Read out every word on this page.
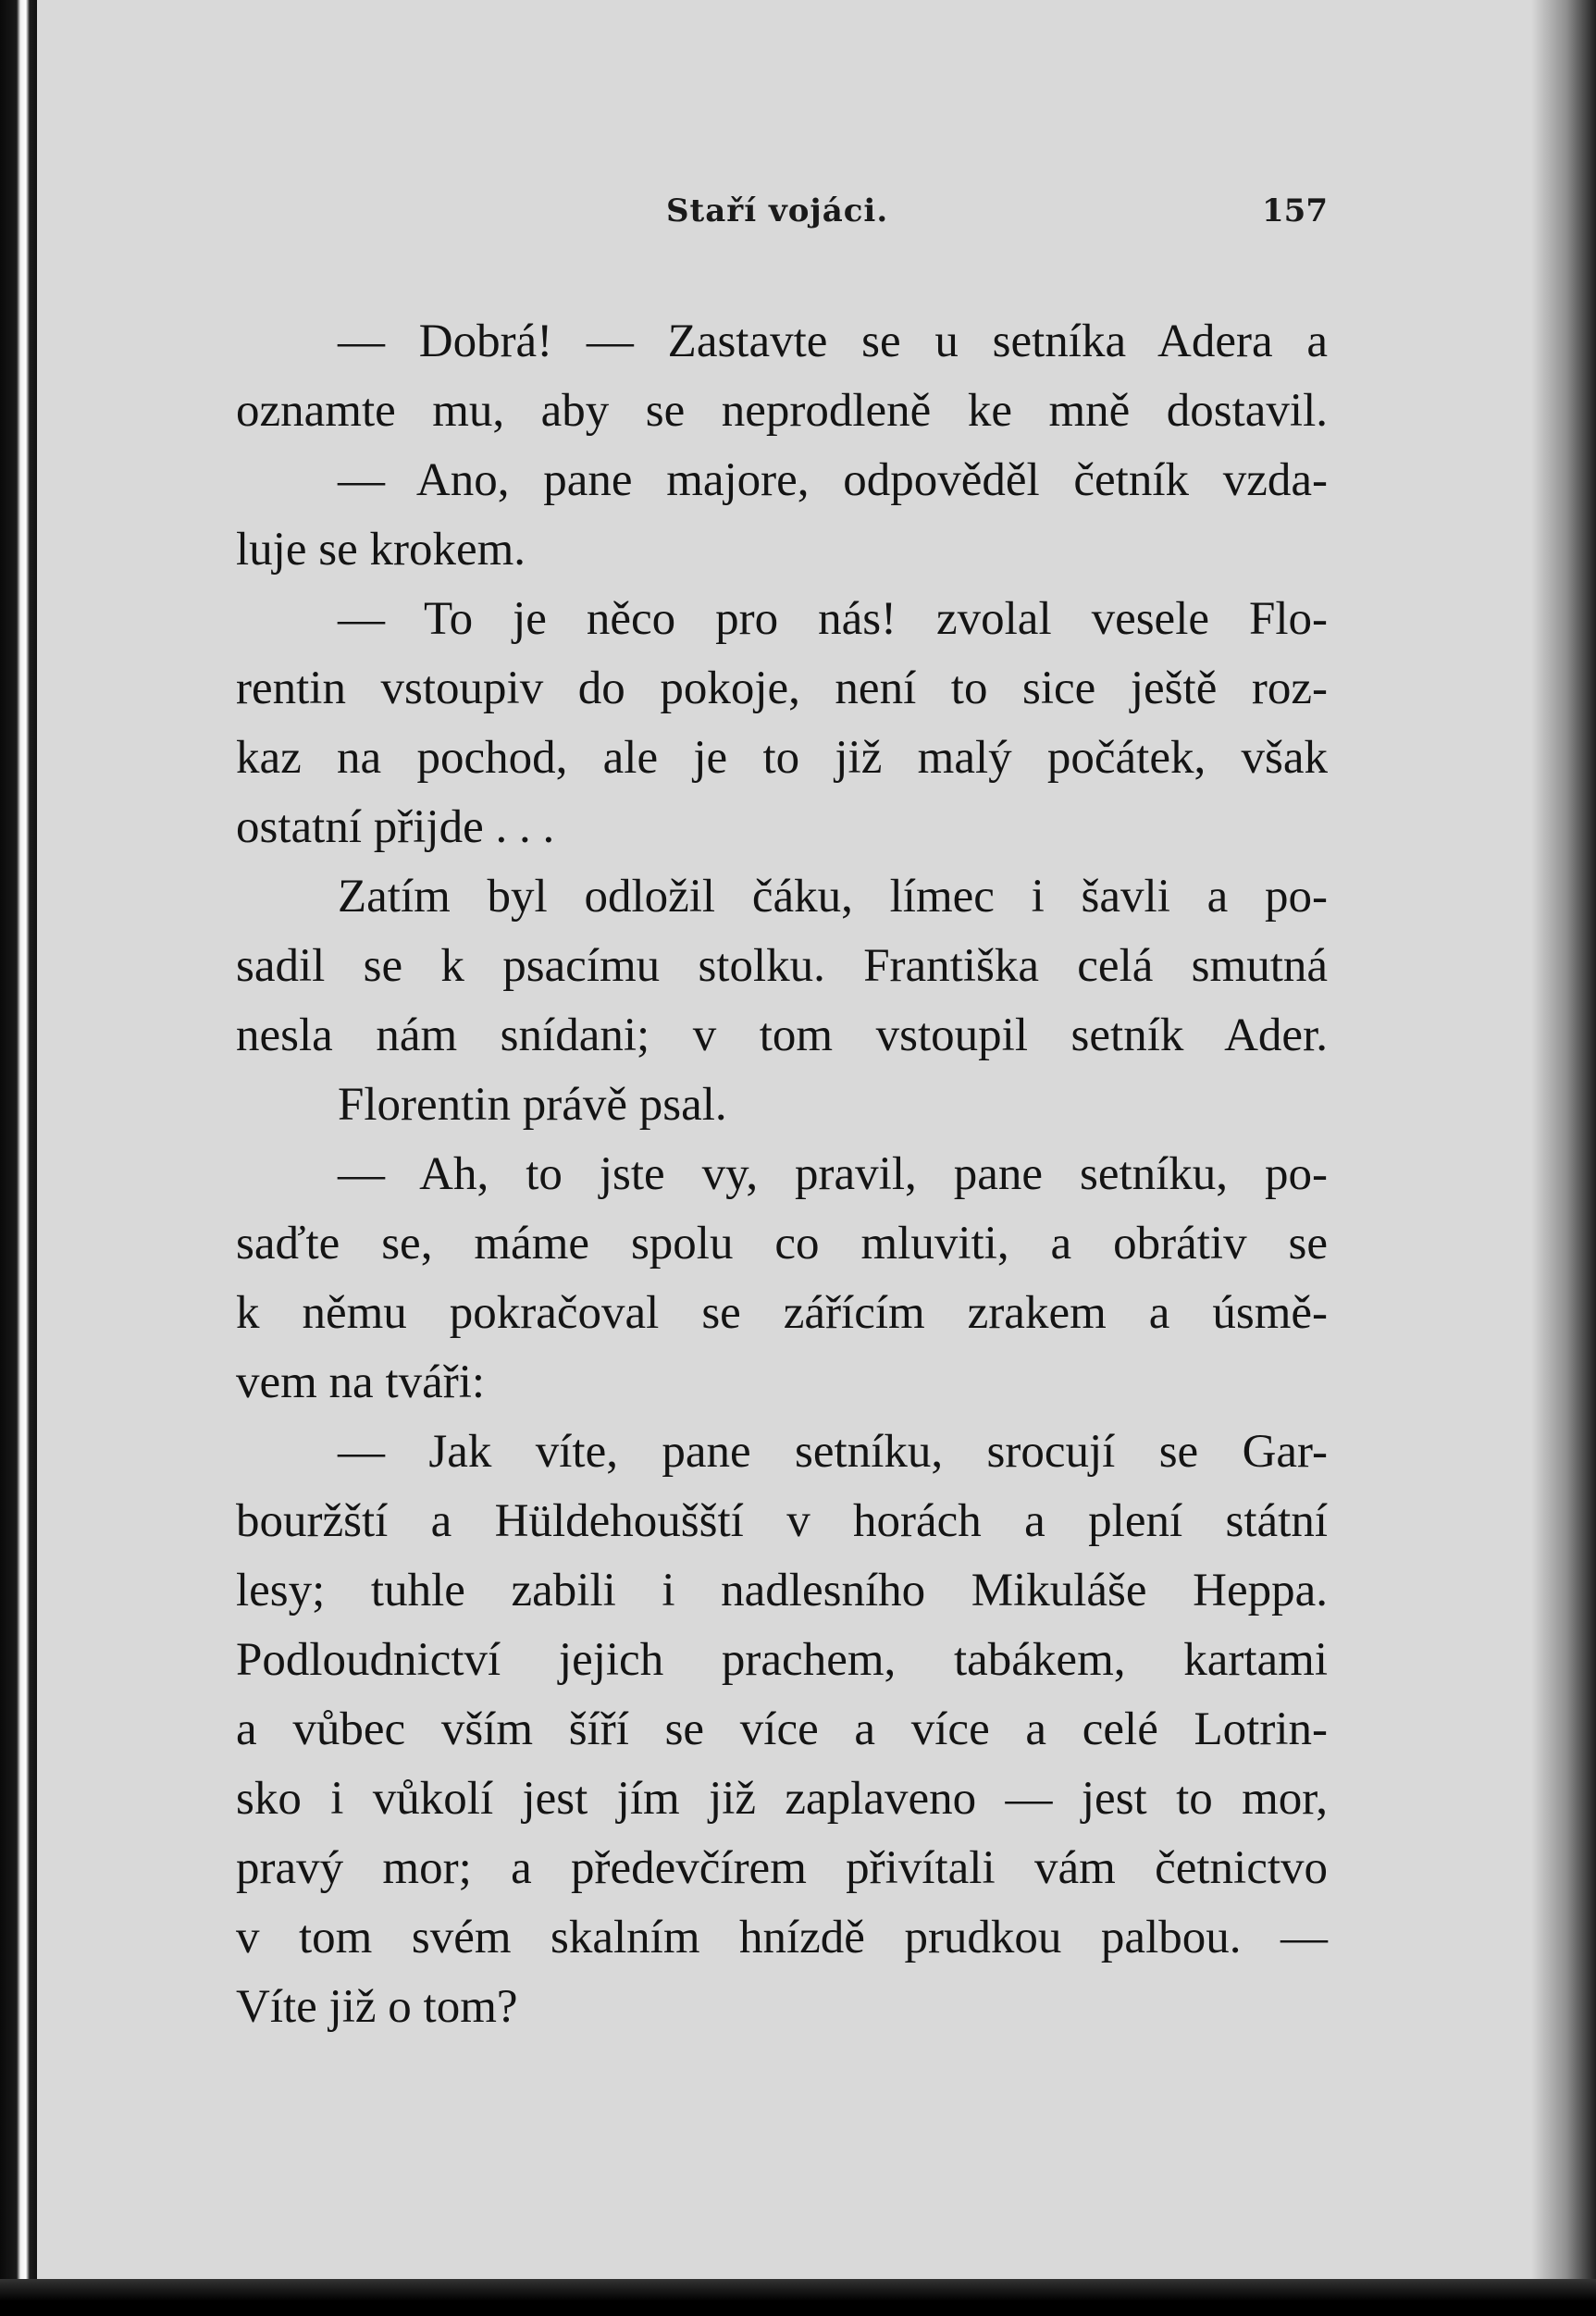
Staří vojáci.	157
— Dobrá! — Zastavte se u setníka Adera a
oznamte mu, aby se neprodleně ke mně dostavil.
— Ano, pane majore, odpověděl četník vzda-
luje se krokem.
— To je něco pro nás! zvolal vesele Flo-
rentin vstoupiv do pokoje, není to sice ještě roz-
kaz na pochod, ale je to již malý počátek, však
ostatní přijde . . .
Zatím byl odložil čáku, límec i šavli a po-
sadil se k psacímu stolku. Františka celá smutná
nesla nám snídani; v tom vstoupil setník Ader.
Florentin právě psal.
— Ah, to jste vy, pravil, pane setníku, po-
saďte se, máme spolu co mluviti, a obrátiv se
k němu pokračoval se zářícím zrakem a úsmě-
vem na tváři:
— Jak víte, pane setníku, srocují se Gar-
bouržští a Hüldehoušští v horách a plení státní
lesy; tuhle zabili i nadlesního Mikuláše Heppa.
Podloudnictví jejich prachem, tabákem, kartami
a vůbec vším šíří se více a více a celé Lotrin-
sko i vůkolí jest jím již zaplaveno — jest to mor,
pravý mor; a předevčírem přivítali vám četnictvo
v tom svém skalním hnízdě prudkou palbou. —
Víte již o tom?
